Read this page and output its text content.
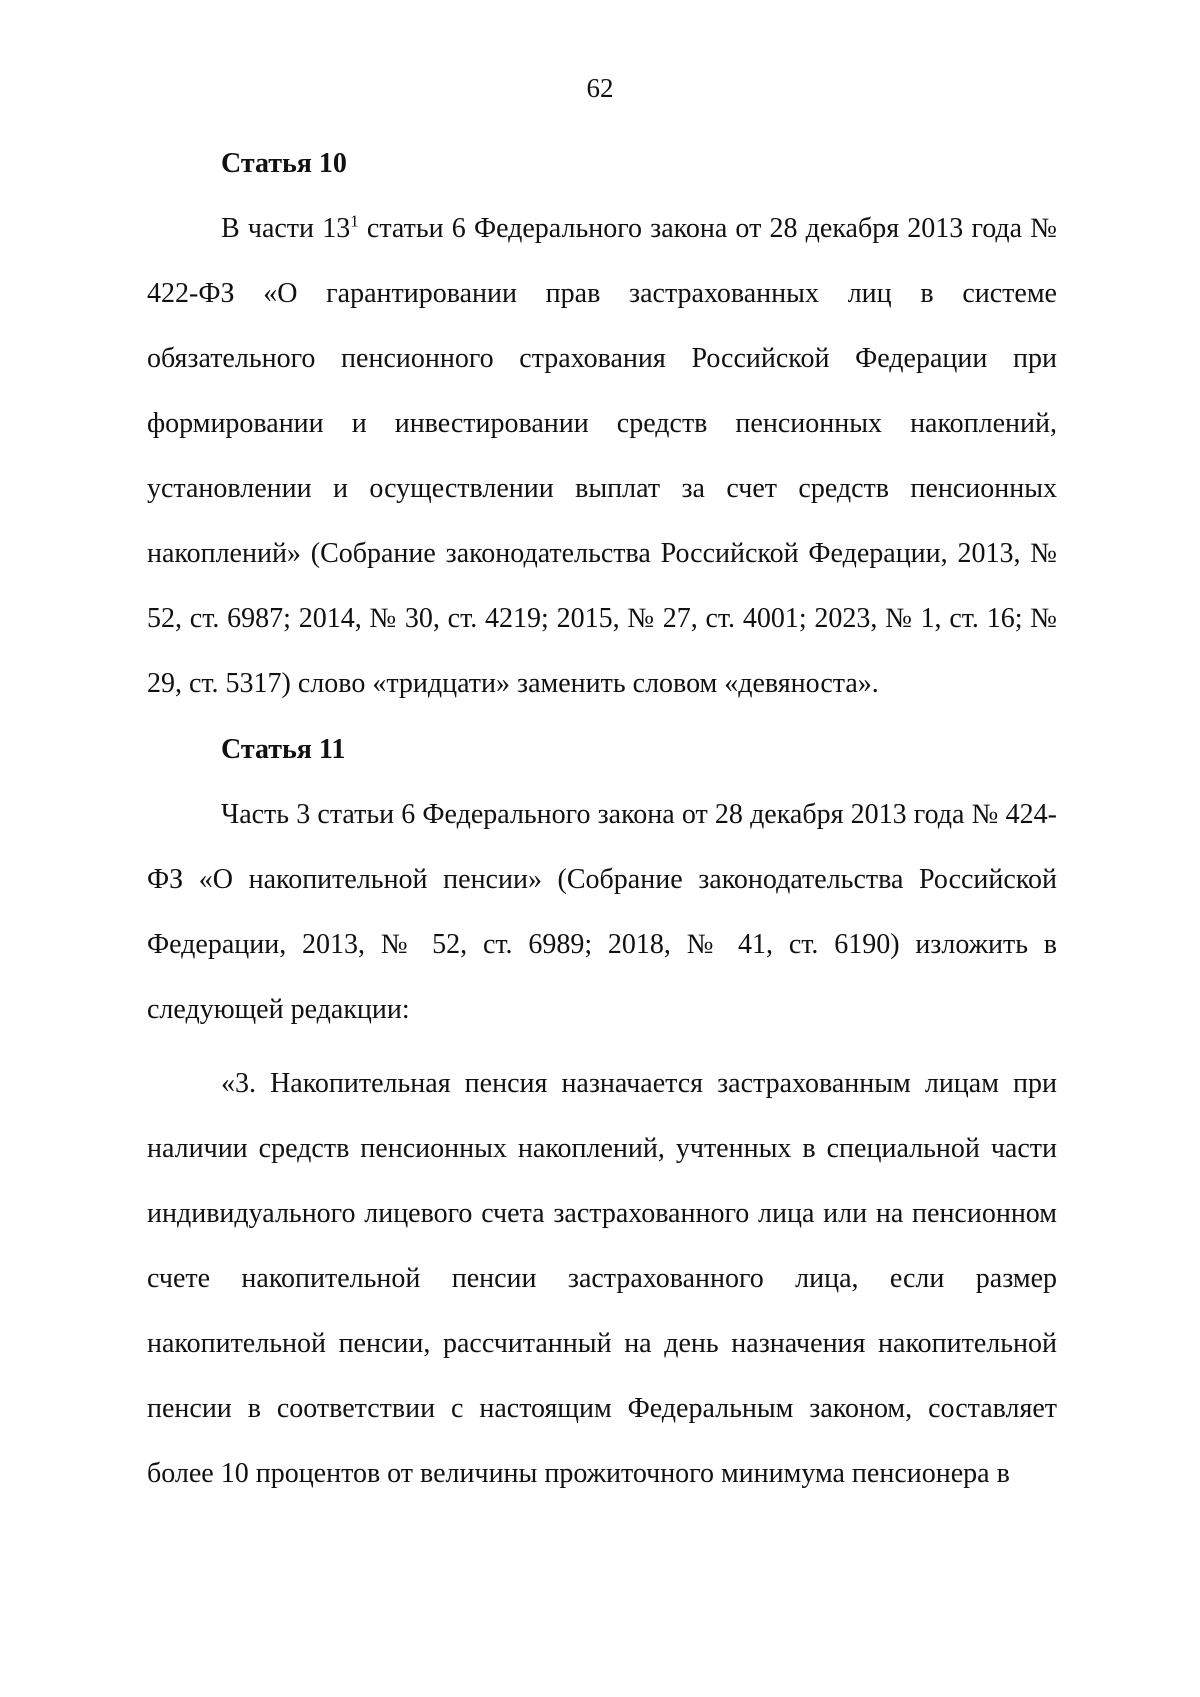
62
Статья 10

В части $13^1$ статьи 6 Федерального закона от 28 декабря 2013 года № 422-ФЗ «О гарантировании прав застрахованных лиц в системе обязательного пенсионного страхования Российской Федерации при формировании и инвестировании средств пенсионных накоплений, установлении и осуществлении выплат за счет средств пенсионных накоплений» (Собрание законодательства Российской Федерации, 2013, № 52, ст. 6987; 2014, № 30, ст. 4219; 2015, № 27, ст. 4001; 2023, № 1, ст. 16; № 29, ст. 5317) слово «тридцати» заменить словом «девяноста».

Статья 11

Часть 3 статьи 6 Федерального закона от 28 декабря 2013 года № 424-ФЗ «О накопительной пенсии» (Собрание законодательства Российской Федерации, 2013, № 52, ст. 6989; 2018, № 41, ст. 6190) изложить в следующей редакции:

«3. Накопительная пенсия назначается застрахованным лицам при наличии средств пенсионных накоплений, учтенных в специальной части индивидуального лицевого счета застрахованного лица или на пенсионном счете накопительной пенсии застрахованного лица, если размер накопительной пенсии, рассчитанный на день назначения накопительной пенсии в соответствии с настоящим Федеральным законом, составляет более 10 процентов от величины прожиточного минимума пенсионера в
